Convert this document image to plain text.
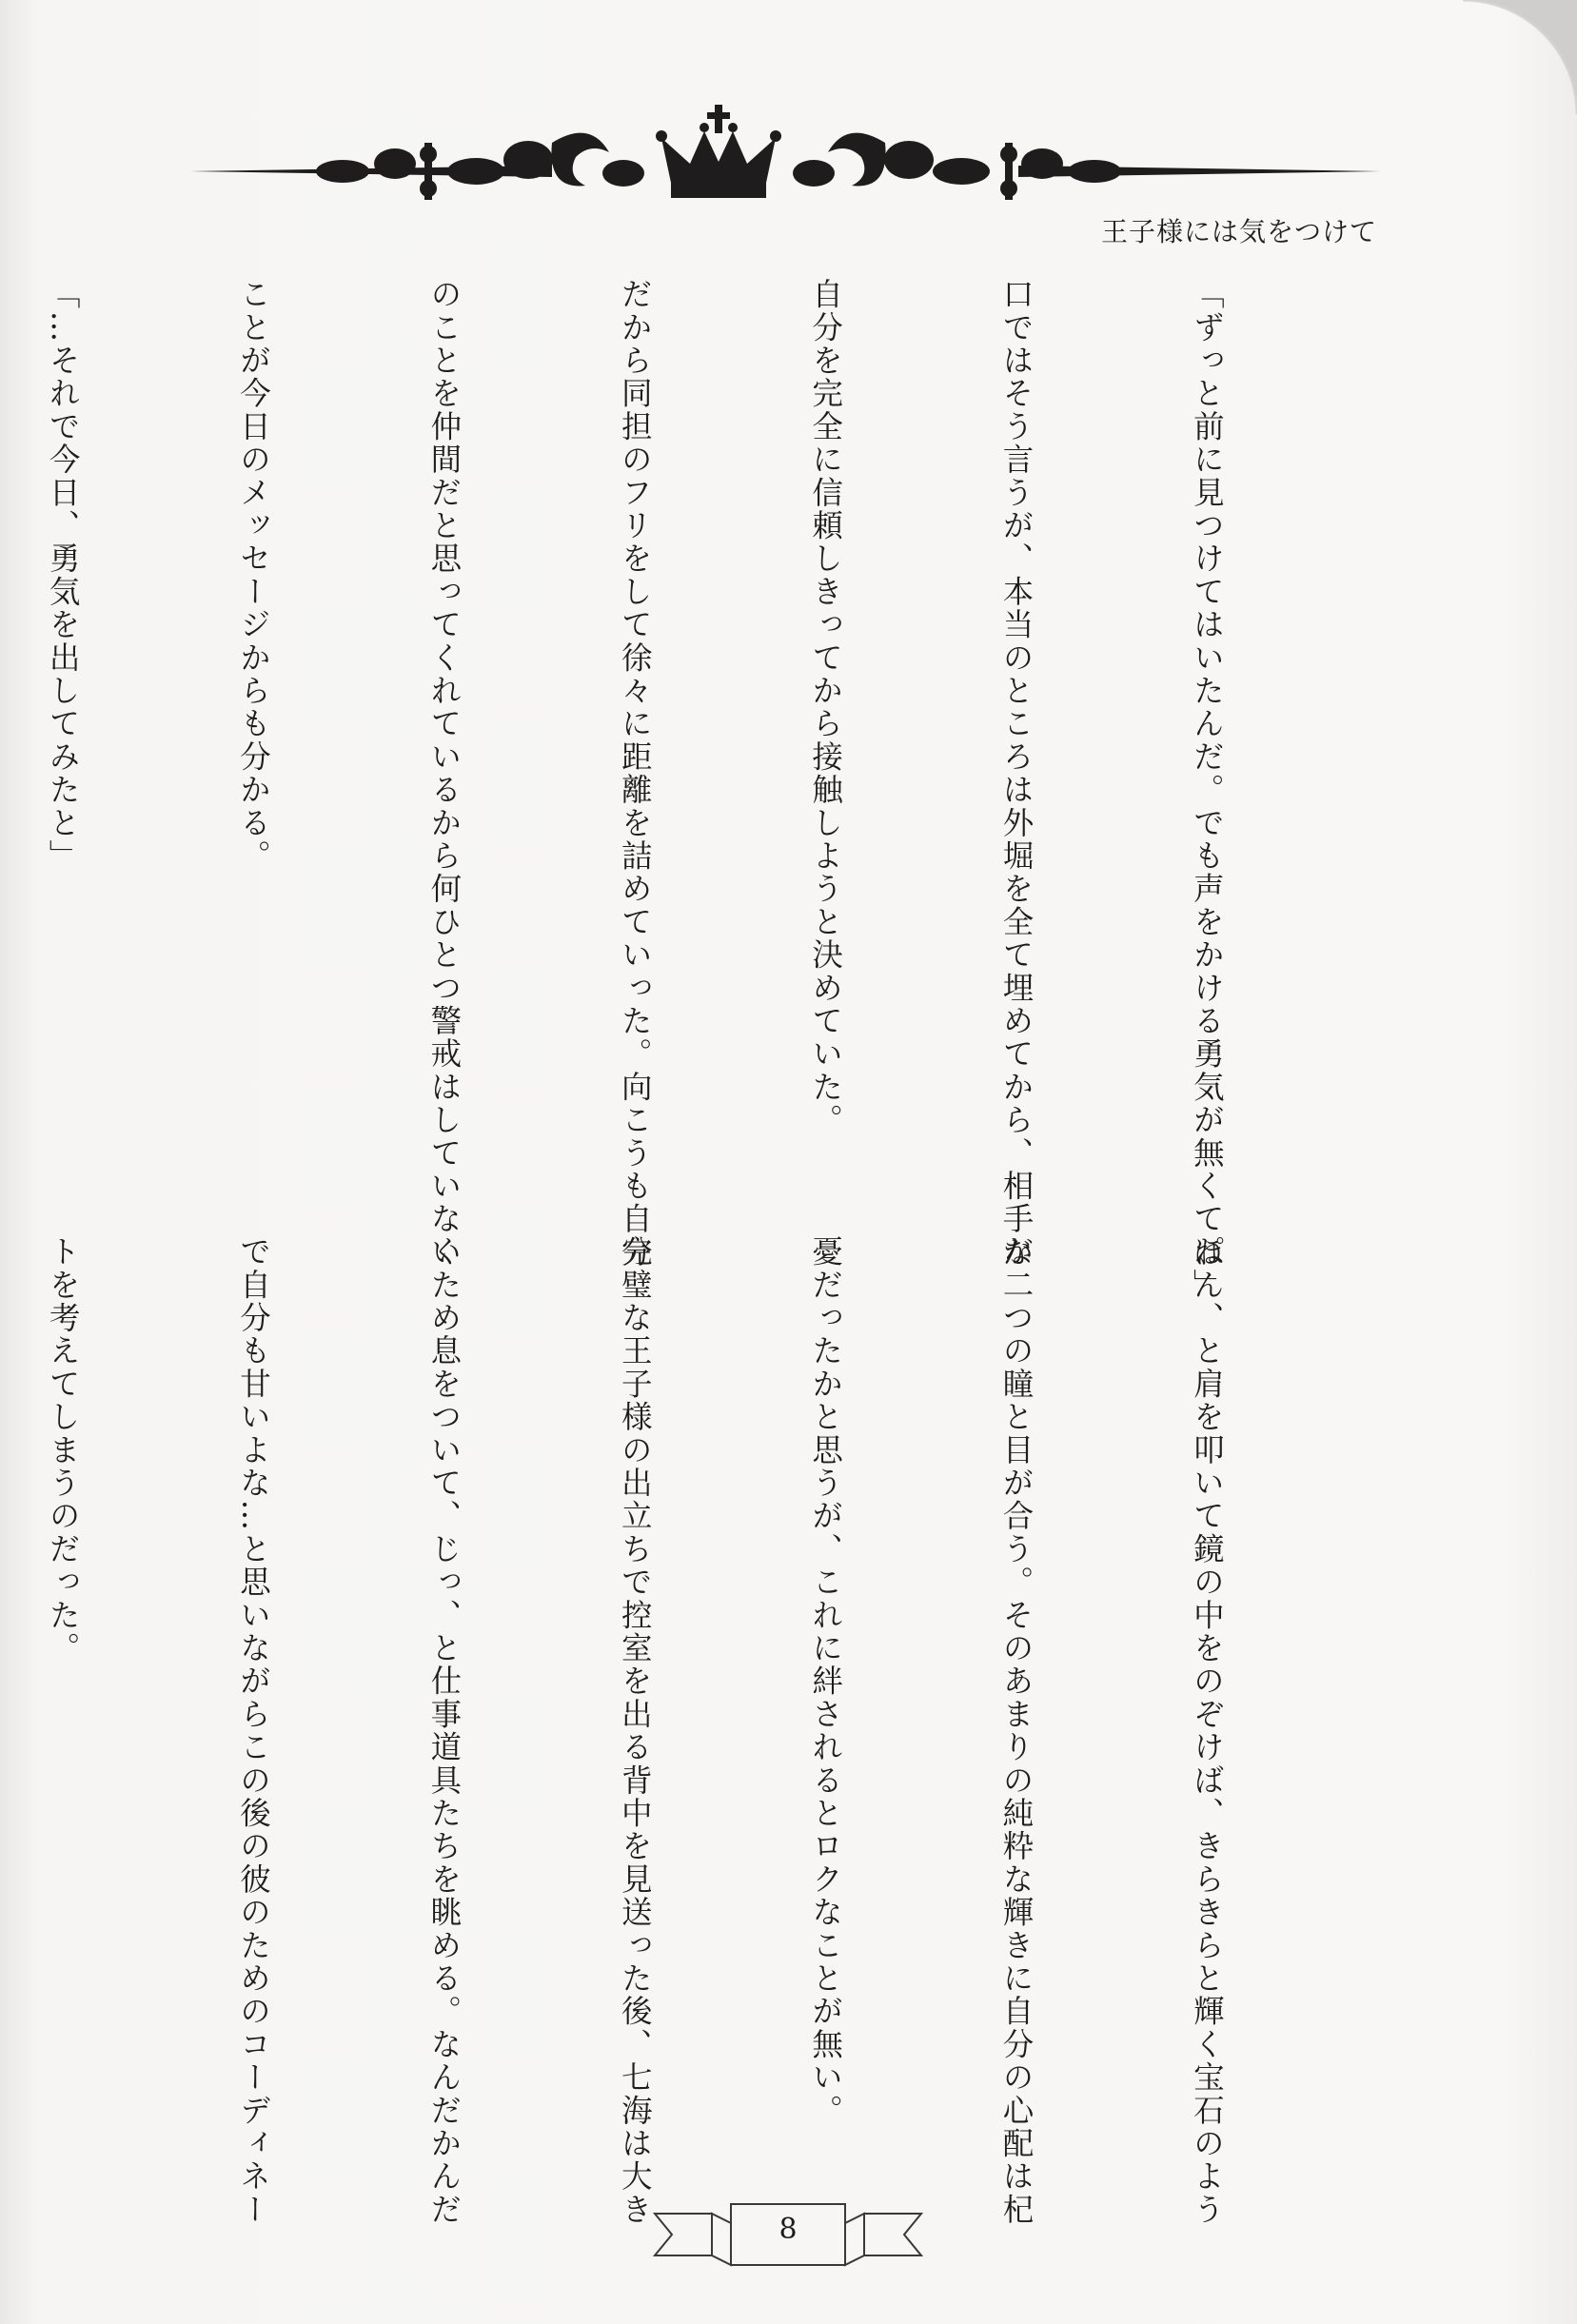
王子様には気をつけて

「ずっと前に見つけてはいたんだ。でも声をかける勇気が無くてね」

口ではそう言うが、本当のところは外堀を全て埋めてから、相手が

自分を完全に信頼しきってから接触しようと決めていた。

だから同担のフリをして徐々に距離を詰めていった。向こうも自分

のことを仲間だと思ってくれているから何ひとつ警戒はしていない

ことが今日のメッセージからも分かる。

「…それで今日、勇気を出してみたと」

ぽん、と肩を叩いて鏡の中をのぞけば、きらきらと輝く宝石のよう

な二つの瞳と目が合う。そのあまりの純粋な輝きに自分の心配は杞

憂だったかと思うが、これに絆されるとロクなことが無い。

完璧な王子様の出立ちで控室を出る背中を見送った後、七海は大き

くため息をついて、じっ、と仕事道具たちを眺める。なんだかんだ

で自分も甘いよな…と思いながらこの後の彼のためのコーディネー

トを考えてしまうのだった。

8
